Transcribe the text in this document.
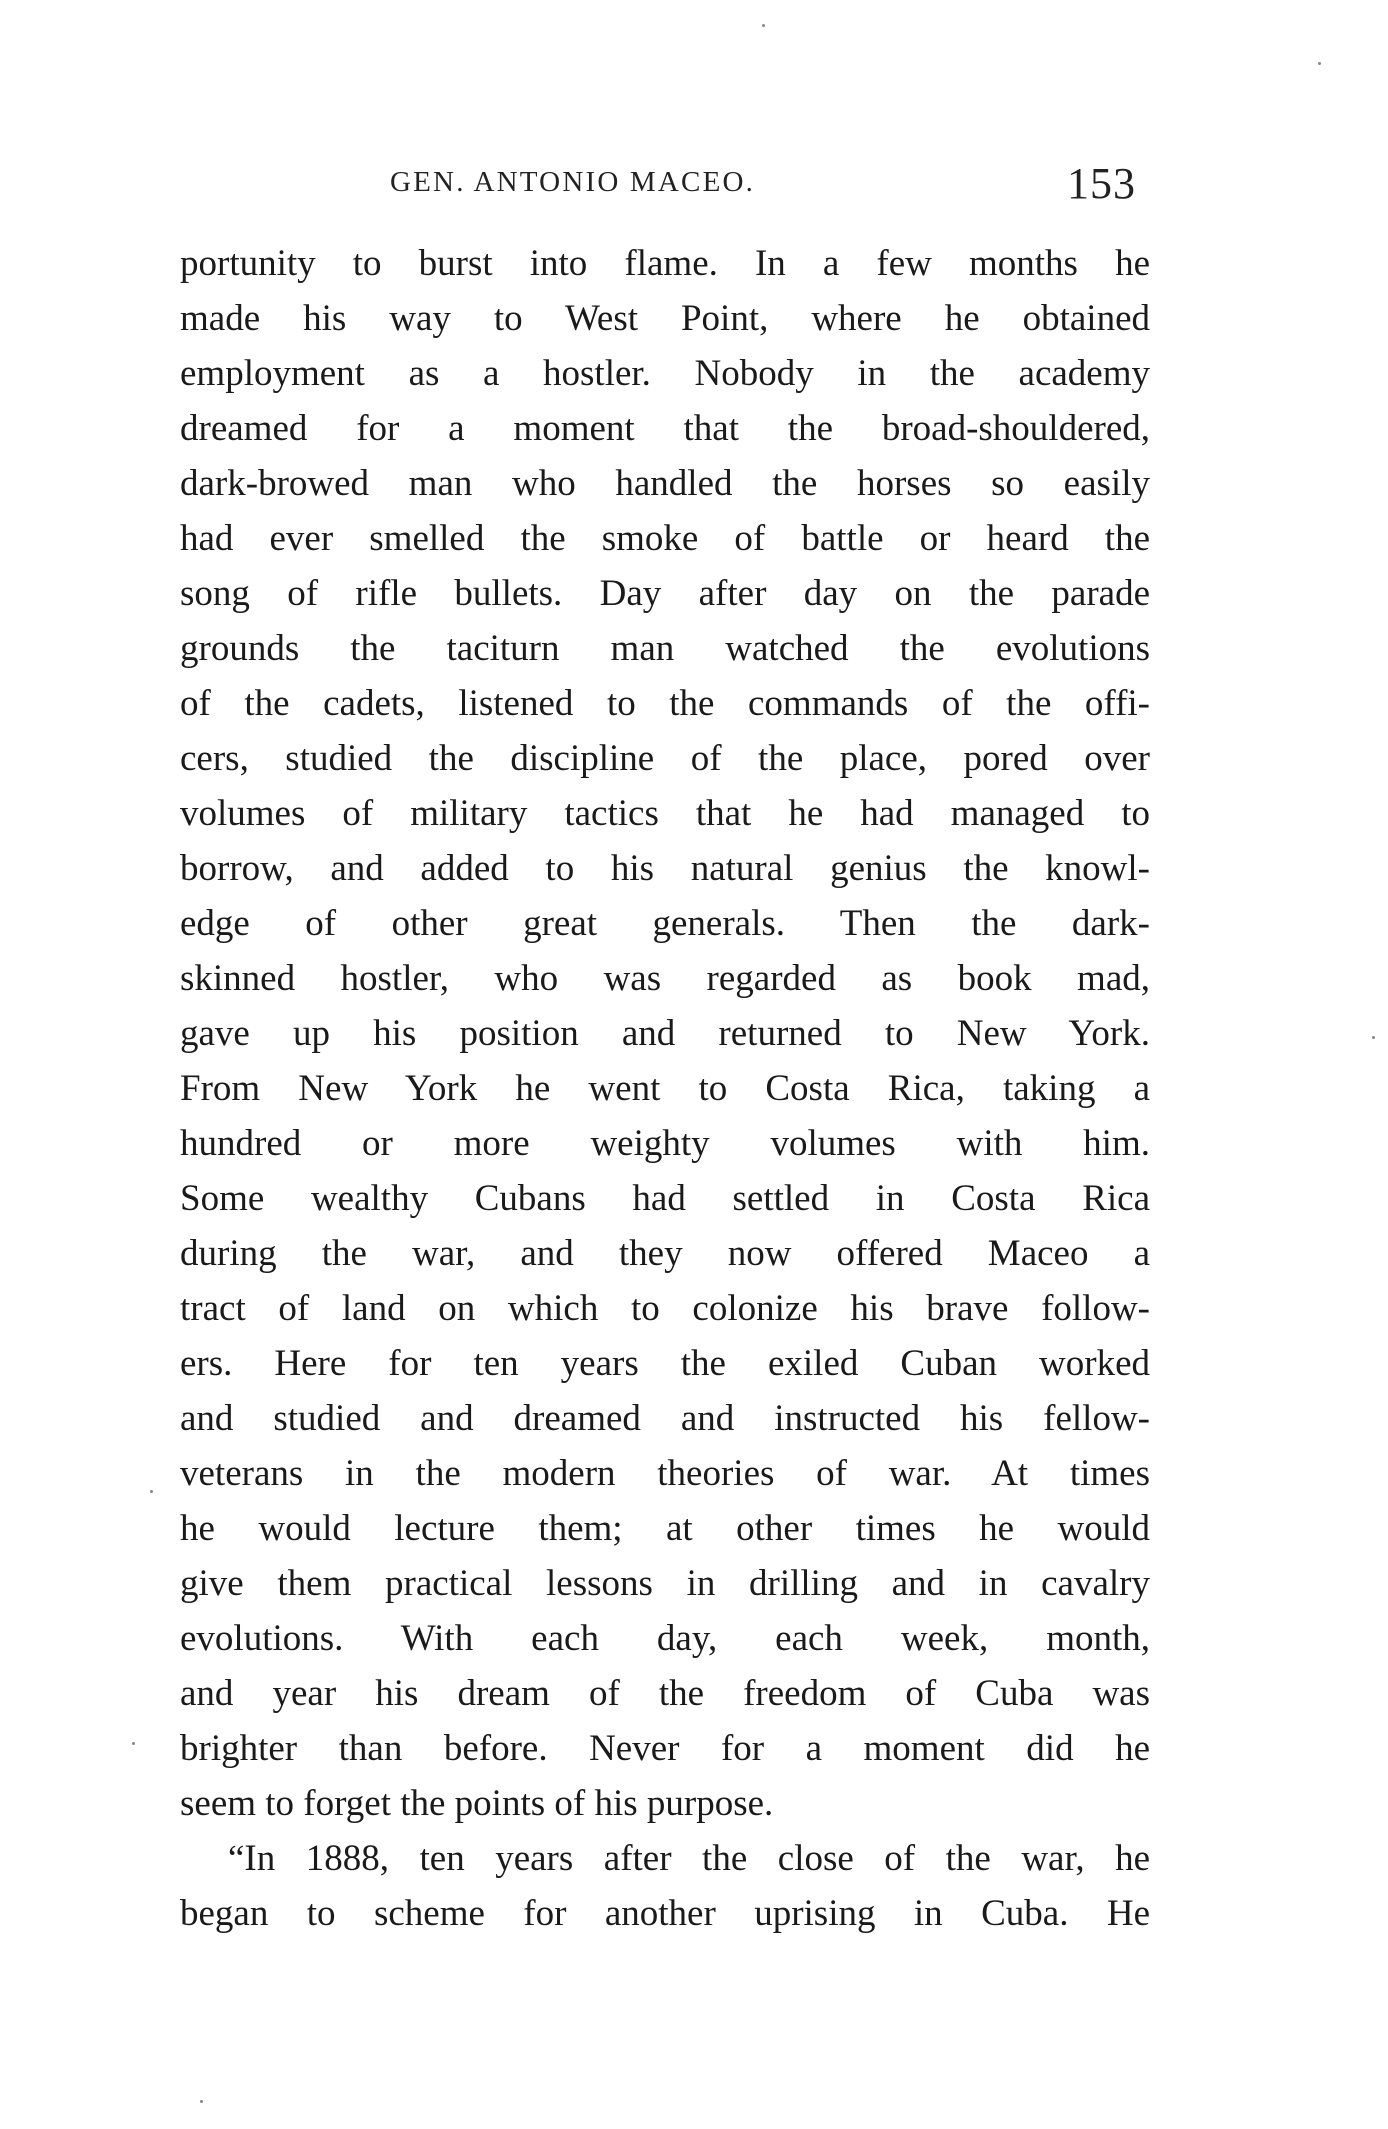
GEN. ANTONIO MACEO.	153
portunity to burst into flame. In a few months he
made his way to West Point, where he obtained
employment as a hostler. Nobody in the academy
dreamed for a moment that the broad-shouldered,
dark-browed man who handled the horses so easily
had ever smelled the smoke of battle or heard the
song of rifle bullets. Day after day on the parade
grounds the taciturn man watched the evolutions
of the cadets, listened to the commands of the offi-
cers, studied the discipline of the place, pored over
volumes of military tactics that he had managed to
borrow, and added to his natural genius the knowl-
edge of other great generals. Then the dark-
skinned hostler, who was regarded as book mad,
gave up his position and returned to New York.
From New York he went to Costa Rica, taking a
hundred or more weighty volumes with him.
Some wealthy Cubans had settled in Costa Rica
during the war, and they now offered Maceo a
tract of land on which to colonize his brave follow-
ers. Here for ten years the exiled Cuban worked
and studied and dreamed and instructed his fellow-
veterans in the modern theories of war. At times
he would lecture them; at other times he would
give them practical lessons in drilling and in cavalry
evolutions. With each day, each week, month,
and year his dream of the freedom of Cuba was
brighter than before. Never for a moment did he
seem to forget the points of his purpose.
“In 1888, ten years after the close of the war, he
began to scheme for another uprising in Cuba. He
